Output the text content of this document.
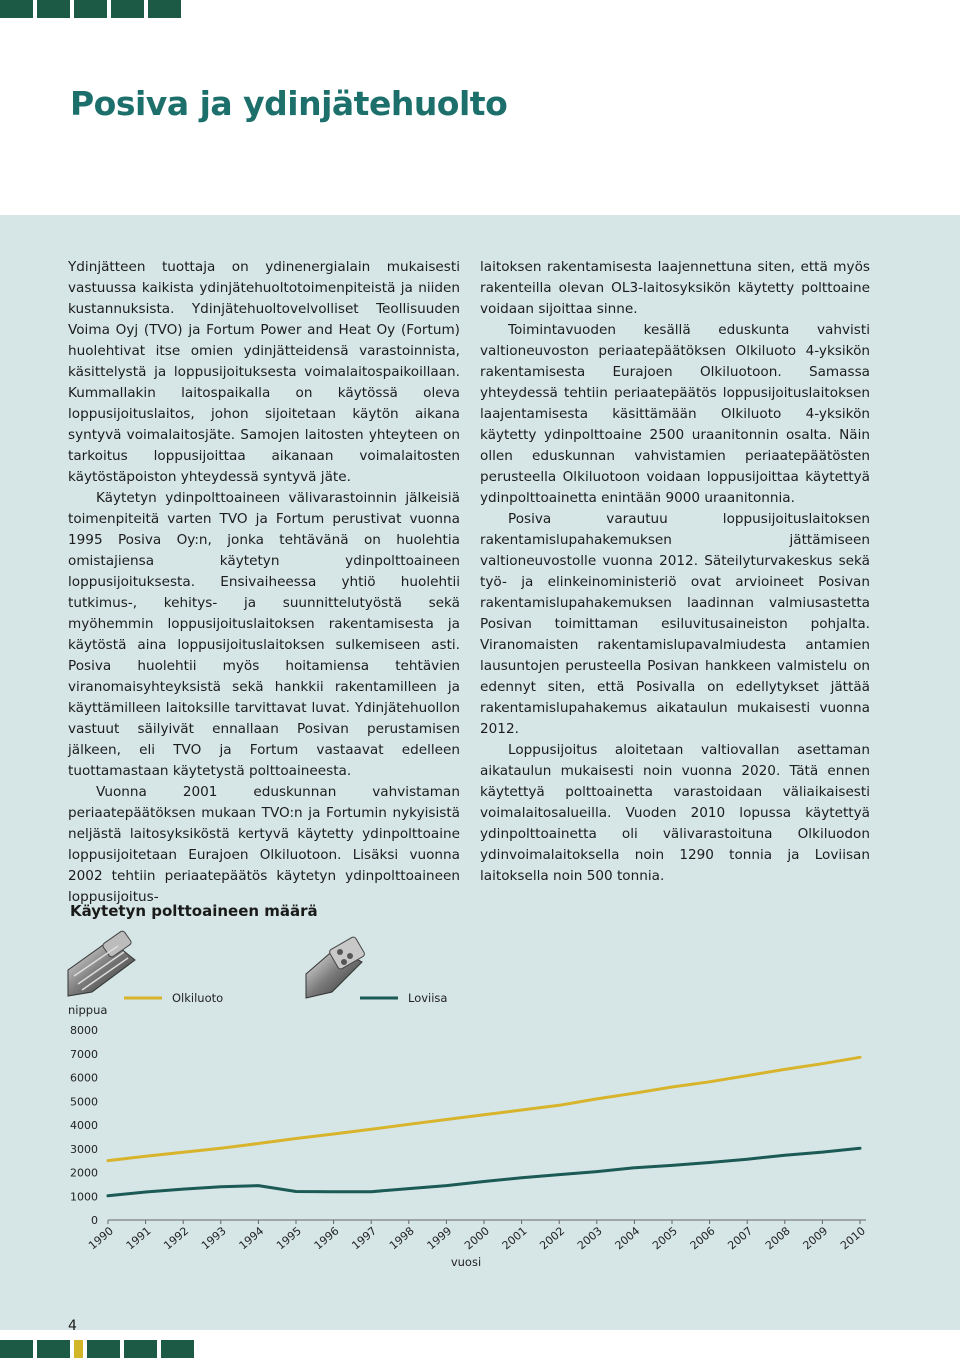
Posiva ja ydinjätehuolto

Ydinjätteen tuottaja on ydinenergialain mukaisesti vastuussa kaikista ydinjätehuoltotoimenpiteistä ja niiden kustannuksista. Ydinjätehuoltovelvolliset Teollisuuden Voima Oyj (TVO) ja Fortum Power and Heat Oy (Fortum) huolehtivat itse omien ydinjätteidensä varastoinnista, käsittelystä ja loppusijoituksesta voimalaitospaikoillaan. Kummallakin laitospaikalla on käytössä oleva loppusijoituslaitos, johon sijoitetaan käytön aikana syntyvä voimalaitosjäte. Samojen laitosten yhteyteen on tarkoitus loppusijoittaa aikanaan voimalaitosten käytöstäpoiston yhteydessä syntyvä jäte.

Käytetyn ydinpolttoaineen välivarastoinnin jälkeisiä toimenpiteitä varten TVO ja Fortum perustivat vuonna 1995 Posiva Oy:n, jonka tehtävänä on huolehtia omistajiensa käytetyn ydinpolttoaineen loppusijoituksesta. Ensivaiheessa yhtiö huolehtii tutkimus-, kehitys- ja suunnittelutyöstä sekä myöhemmin loppusijoituslaitoksen rakentamisesta ja käytöstä aina loppusijoituslaitoksen sulkemiseen asti. Posiva huolehtii myös hoitamiensa tehtävien viranomaisyhteyksistä sekä hankkii rakentamilleen ja käyttämilleen laitoksille tarvittavat luvat. Ydinjätehuollon vastuut säilyivät ennallaan Posivan perustamisen jälkeen, eli TVO ja Fortum vastaavat edelleen tuottamastaan käytetystä polttoaineesta.

Vuonna 2001 eduskunnan vahvistaman periaatepäätöksen mukaan TVO:n ja Fortumin nykyisistä neljästä laitosyksiköstä kertyvä käytetty ydinpolttoaine loppusijoitetaan Eurajoen Olkiluotoon. Lisäksi vuonna 2002 tehtiin periaatepäätös käytetyn ydinpolttoaineen loppusijoitus-

laitoksen rakentamisesta laajennettuna siten, että myös rakenteilla olevan OL3-laitosyksikön käytetty polttoaine voidaan sijoittaa sinne.

Toimintavuoden kesällä eduskunta vahvisti valtioneuvoston periaatepäätöksen Olkiluoto 4-yksikön rakentamisesta Eurajoen Olkiluotoon. Samassa yhteydessä tehtiin periaatepäätös loppusijoituslaitoksen laajentamisesta käsittämään Olkiluoto 4-yksikön käytetty ydinpolttoaine 2500 uraanitonnin osalta. Näin ollen eduskunnan vahvistamien periaatepäätösten perusteella Olkiluotoon voidaan loppusijoittaa käytettyä ydinpolttoainetta enintään 9000 uraanitonnia.

Posiva varautuu loppusijoituslaitoksen rakentamislupahakemuksen jättämiseen valtioneuvostolle vuonna 2012. Säteilyturvakeskus sekä työ- ja elinkeinoministeriö ovat arvioineet Posivan rakentamislupahakemuksen laadinnan valmiusastetta Posivan toimittaman esiluvitusaineiston pohjalta. Viranomaisten rakentamislupavalmiudesta antamien lausuntojen perusteella Posivan hankkeen valmistelu on edennyt siten, että Posivalla on edellytykset jättää rakentamislupahakemus aikataulun mukaisesti vuonna 2012.

Loppusijoitus aloitetaan valtiovallan asettaman aikataulun mukaisesti noin vuonna 2020. Tätä ennen käytettyä polttoainetta varastoidaan väliaikaisesti voimalaitosalueilla. Vuoden 2010 lopussa käytettyä ydinpolttoainetta oli välivarastoituna Olkiluodon ydinvoimalaitoksella noin 1290 tonnia ja Loviisan laitoksella noin 500 tonnia.

Käytetyn polttoaineen määrä
1990 1991 1992 1993 1994 1995 1996 1997 1998 1999 2000 2001 2002 2003 2004 2005 2006 2007 2008 2009 2010
0
1000
2000
3000
4000
5000
6000
7000
8000
nippua
vuosi
Olkiluoto	Loviisa
4
